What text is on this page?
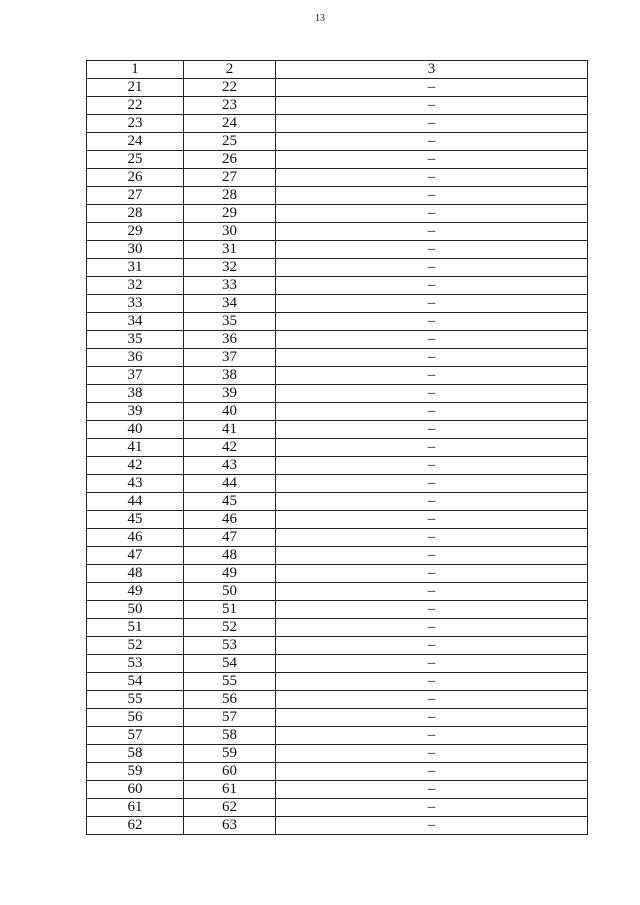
13
1	2	3
21	22	–
22	23	–
23	24	–
24	25	–
25	26	–
26	27	–
27	28	–
28	29	–
29	30	–
30	31	–
31	32	–
32	33	–
33	34	–
34	35	–
35	36	–
36	37	–
37	38	–
38	39	–
39	40	–
40	41	–
41	42	–
42	43	–
43	44	–
44	45	–
45	46	–
46	47	–
47	48	–
48	49	–
49	50	–
50	51	–
51	52	–
52	53	–
53	54	–
54	55	–
55	56	–
56	57	–
57	58	–
58	59	–
59	60	–
60	61	–
61	62	–
62	63	–
